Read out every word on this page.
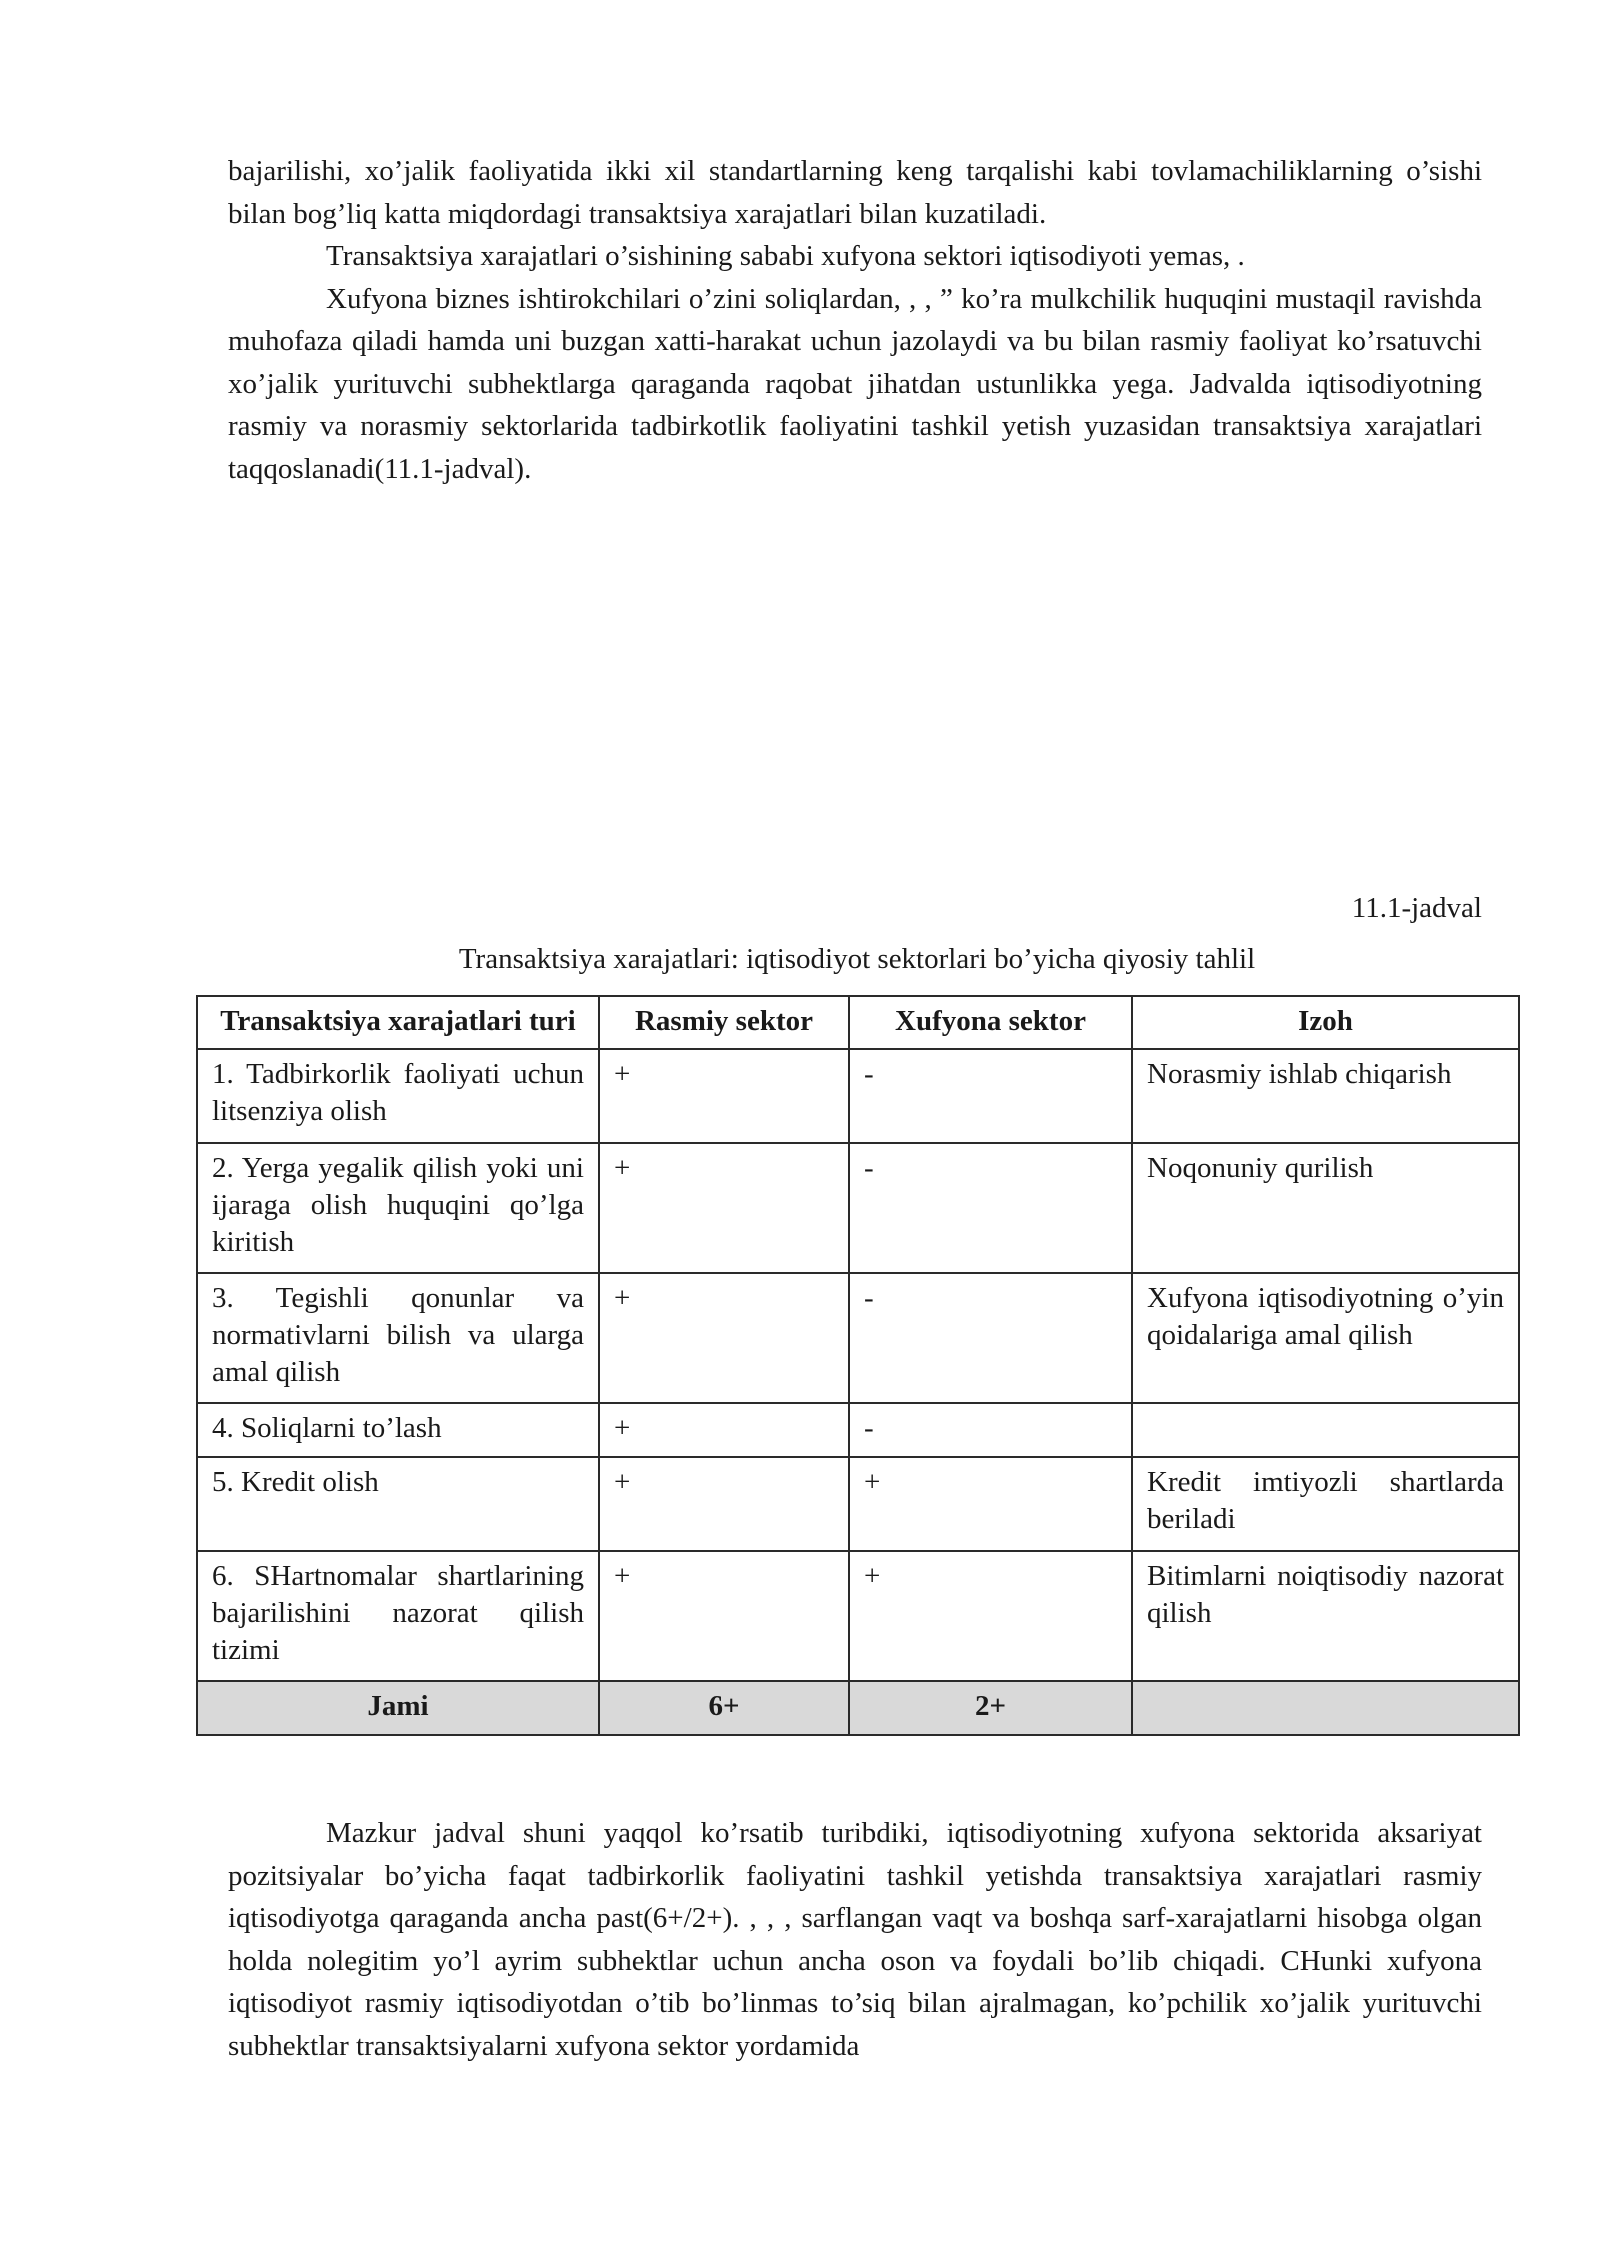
bajarilishi, xo’jalik faoliyatida ikki xil standartlarning keng tarqalishi kabi tovlamachiliklarning o’sishi bilan bog’liq katta miqdordagi transaktsiya xarajatlari bilan kuzatiladi.

Transaktsiya xarajatlari o’sishining sababi xufyona sektori iqtisodiyoti yemas, .

Xufyona biznes ishtirokchilari o’zini soliqlardan, , , ” ko’ra mulkchilik huquqini mustaqil ravishda muhofaza qiladi hamda uni buzgan xatti-harakat uchun jazolaydi va bu bilan rasmiy faoliyat ko’rsatuvchi xo’jalik yurituvchi subhektlarga qaraganda raqobat jihatdan ustunlikka yega. Jadvalda iqtisodiyotning rasmiy va norasmiy sektorlarida tadbirkotlik faoliyatini tashkil yetish yuzasidan transaktsiya xarajatlari taqqoslanadi(11.1-jadval).

11.1-jadval
Transaktsiya xarajatlari: iqtisodiyot sektorlari bo’yicha qiyosiy tahlil
Transaktsiya xarajatlari turi	Rasmiy sektor	Xufyona sektor	Izoh
1. Tadbirkorlik faoliyati uchun litsenziya olish	+	-	Norasmiy ishlab chiqarish
2. Yerga yegalik qilish yoki uni ijaraga olish huquqini qo’lga kiritish	+	-	Noqonuniy qurilish
3. Tegishli qonunlar va normativlarni bilish va ularga amal qilish	+	-	Xufyona iqtisodiyotning o’yin qoidalariga amal qilish
4. Soliqlarni to’lash	+	-	
5. Kredit olish	+	+	Kredit imtiyozli shartlarda beriladi
6. SHartnomalar shartlarining bajarilishini nazorat qilish tizimi	+	+	Bitimlarni noiqtisodiy nazorat qilish
Jami	6+	2+	

Mazkur jadval shuni yaqqol ko’rsatib turibdiki, iqtisodiyotning xufyona sektorida aksariyat pozitsiyalar bo’yicha faqat tadbirkorlik faoliyatini tashkil yetishda transaktsiya xarajatlari rasmiy iqtisodiyotga qaraganda ancha past(6+/2+). , , , sarflangan vaqt va boshqa sarf-xarajatlarni hisobga olgan holda nolegitim yo’l ayrim subhektlar uchun ancha oson va foydali bo’lib chiqadi. CHunki xufyona iqtisodiyot rasmiy iqtisodiyotdan o’tib bo’linmas to’siq bilan ajralmagan, ko’pchilik xo’jalik yurituvchi subhektlar transaktsiyalarni xufyona sektor yordamida
